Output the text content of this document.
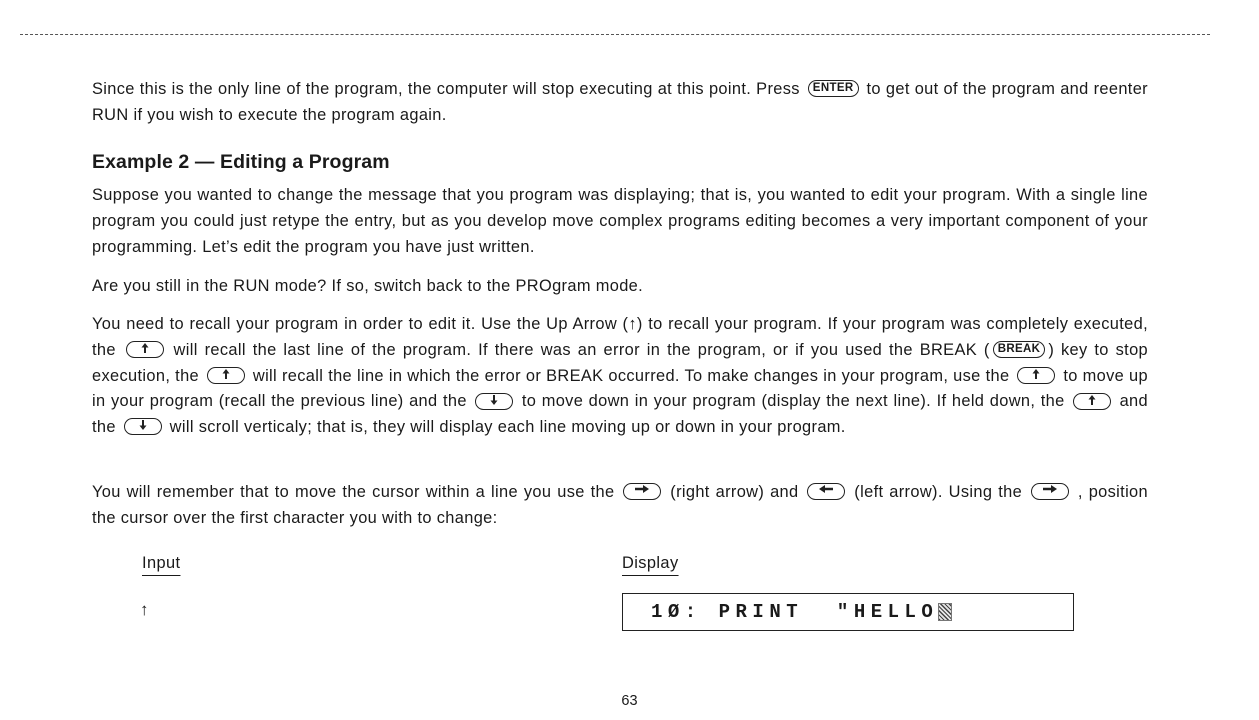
Since this is the only line of the program, the computer will stop executing at this point. Press ENTER to get out of the program and reenter RUN if you wish to execute the program again.

Example 2 — Editing a Program

Suppose you wanted to change the message that you program was displaying; that is, you wanted to edit your program. With a single line program you could just retype the entry, but as you develop move complex programs editing becomes a very important component of your programming. Let’s edit the program you have just written.

Are you still in the RUN mode? If so, switch back to the PROgram mode.

You need to recall your program in order to edit it. Use the Up Arrow (↑) to recall your program. If your program was completely executed, the	will recall the last line of the program. If there was an error in the program, or if you used the BREAK ( BREAK ) key to stop execution, the	will recall the line in which the error or BREAK occurred. To make changes in your program, use the	to move up in your program (recall the previous line) and the	to move down in your program (display the next line). If held down, the	and the	will scroll verticaly; that is, they will display each line moving up or down in your program.

You will remember that to move the cursor within a line you use the	(right arrow) and	(left arrow). Using the	, position the cursor over the first character you with to change:

Input	Display
↑	1Ø: PRINT  "HELLO
63
